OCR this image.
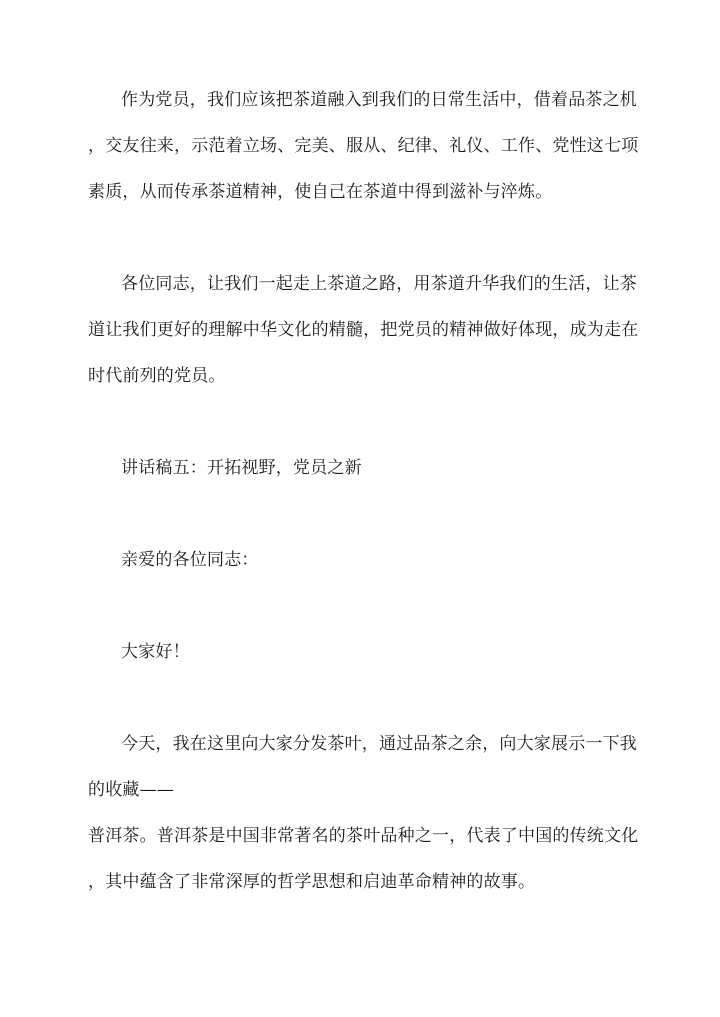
作为党员，我们应该把茶道融入到我们的日常生活中，借着品茶之机
，交友往来，示范着立场、完美、服从、纪律、礼仪、工作、党性这七项
素质，从而传承茶道精神，使自己在茶道中得到滋补与淬炼。
各位同志，让我们一起走上茶道之路，用茶道升华我们的生活，让茶
道让我们更好的理解中华文化的精髓，把党员的精神做好体现，成为走在
时代前列的党员。
讲话稿五：开拓视野，党员之新
亲爱的各位同志：
大家好！
今天，我在这里向大家分发茶叶，通过品茶之余，向大家展示一下我
的收藏——
普洱茶。普洱茶是中国非常著名的茶叶品种之一，代表了中国的传统文化
，其中蕴含了非常深厚的哲学思想和启迪革命精神的故事。
